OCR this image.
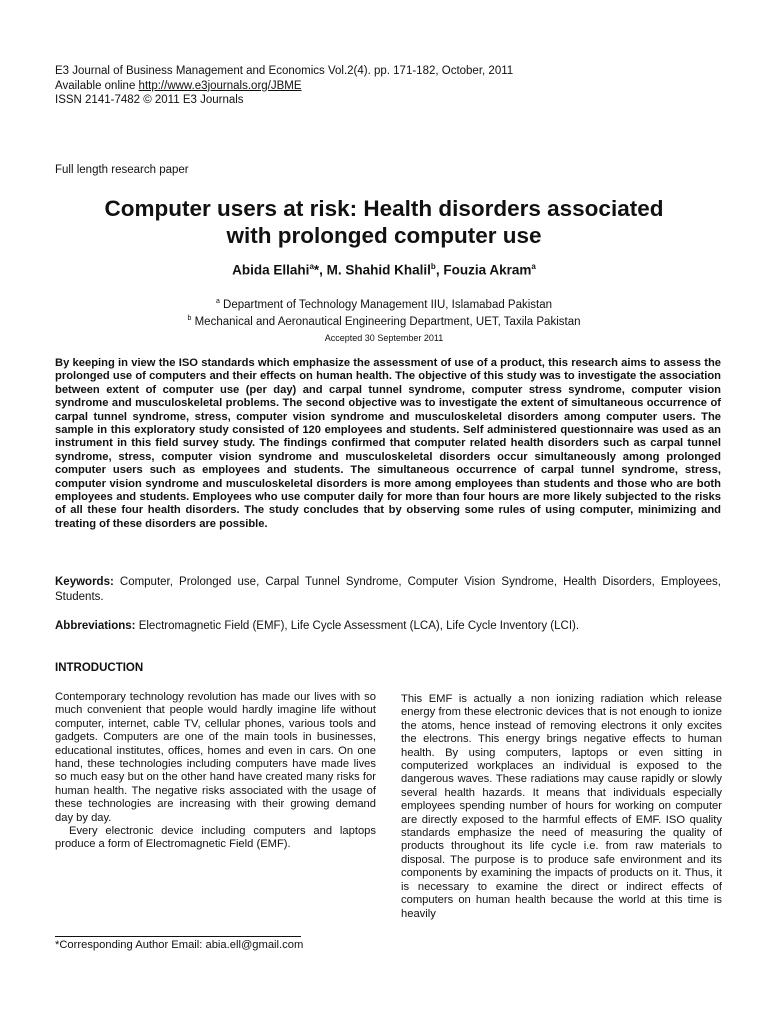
E3 Journal of Business Management and Economics Vol.2(4). pp. 171-182, October, 2011
Available online http://www.e3journals.org/JBME
ISSN 2141-7482 © 2011 E3 Journals
Full length research paper
Computer users at risk: Health disorders associated
with prolonged computer use
Abida Ellahi$^a$*, M. Shahid Khalil$^b$, Fouzia Akram$^a$
$^a$ Department of Technology Management IIU, Islamabad Pakistan
$^b$ Mechanical and Aeronautical Engineering Department, UET, Taxila Pakistan
Accepted 30 September 2011

By keeping in view the ISO standards which emphasize the assessment of use of a product, this research aims to assess the prolonged use of computers and their effects on human health. The objective of this study was to investigate the association between extent of computer use (per day) and carpal tunnel syndrome, computer stress syndrome, computer vision syndrome and musculoskeletal problems. The second objective was to investigate the extent of simultaneous occurrence of carpal tunnel syndrome, stress, computer vision syndrome and musculoskeletal disorders among computer users. The sample in this exploratory study consisted of 120 employees and students. Self administered questionnaire was used as an instrument in this field survey study. The findings confirmed that computer related health disorders such as carpal tunnel syndrome, stress, computer vision syndrome and musculoskeletal disorders occur simultaneously among prolonged computer users such as employees and students. The simultaneous occurrence of carpal tunnel syndrome, stress, computer vision syndrome and musculoskeletal disorders is more among employees than students and those who are both employees and students. Employees who use computer daily for more than four hours are more likely subjected to the risks of all these four health disorders. The study concludes that by observing some rules of using computer, minimizing and treating of these disorders are possible.

Keywords: Computer, Prolonged use, Carpal Tunnel Syndrome, Computer Vision Syndrome, Health Disorders, Employees, Students.

Abbreviations: Electromagnetic Field (EMF), Life Cycle Assessment (LCA), Life Cycle Inventory (LCI).

INTRODUCTION

Contemporary technology revolution has made our lives with so much convenient that people would hardly imagine life without computer, internet, cable TV, cellular phones, various tools and gadgets. Computers are one of the main tools in businesses, educational institutes, offices, homes and even in cars. On one hand, these technologies including computers have made lives so much easy but on the other hand have created many risks for human health. The negative risks associated with the usage of these technologies are increasing with their growing demand day by day.

Every electronic device including computers and laptops produce a form of Electromagnetic Field (EMF).

This EMF is actually a non ionizing radiation which release energy from these electronic devices that is not enough to ionize the atoms, hence instead of removing electrons it only excites the electrons. This energy brings negative effects to human health. By using computers, laptops or even sitting in computerized workplaces an individual is exposed to the dangerous waves. These radiations may cause rapidly or slowly several health hazards. It means that individuals especially employees spending number of hours for working on computer are directly exposed to the harmful effects of EMF. ISO quality standards emphasize the need of measuring the quality of products throughout its life cycle i.e. from raw materials to disposal. The purpose is to produce safe environment and its components by examining the impacts of products on it. Thus, it is necessary to examine the direct or indirect effects of computers on human health because the world at this time is heavily

*Corresponding Author Email: abia.ell@gmail.com
